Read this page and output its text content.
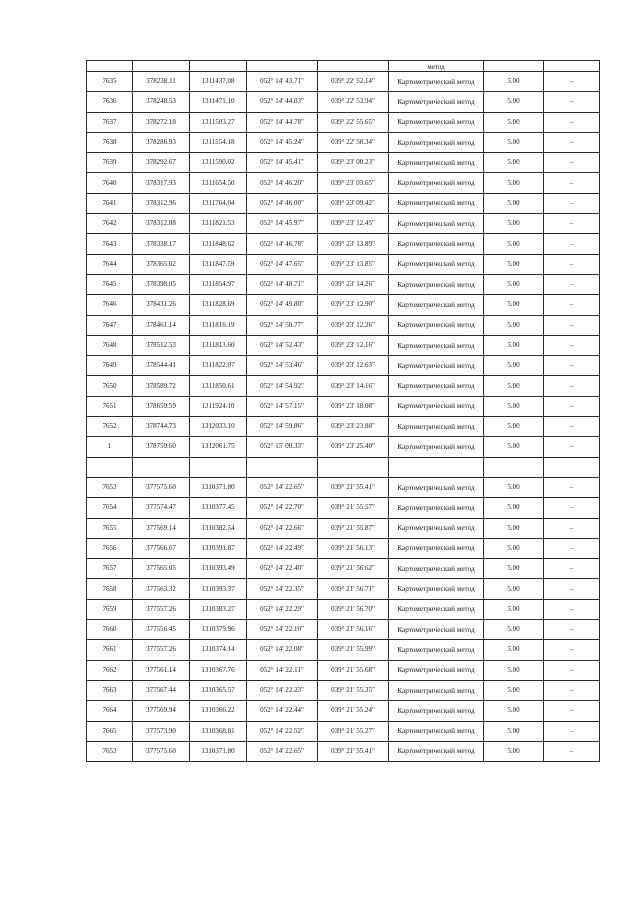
					метод		
7635	378238.11	1311437.08	052° 14' 43.71"	039° 22' 52.14"	Картометрический метод	5.00	–
7636	378248.53	1311471.10	052° 14' 44.03"	039° 22' 53.94"	Картометрический метод	5.00	–
7637	378272.18	1311503.27	052° 14' 44.78"	039° 22' 55.65"	Картометрический метод	5.00	–
7638	378286.93	1311554.18	052° 14' 45.24"	039° 22' 58.34"	Картометрический метод	5.00	–
7639	378292.67	1311590.02	052° 14' 45.41"	039° 23' 00.23"	Картометрический метод	5.00	–
7640	378317.93	1311654.50	052° 14' 46.20"	039° 23' 03.65"	Картометрический метод	5.00	–
7641	378312.96	1311764.04	052° 14' 46.00"	039° 23' 09.42"	Картометрический метод	5.00	–
7642	378312.88	1311821.53	052° 14' 45.97"	039° 23' 12.45"	Картометрический метод	5.00	–
7643	378338.17	1311848.62	052° 14' 46.78"	039° 23' 13.89"	Картометрический метод	5.00	–
7644	378365.02	1311847.59	052° 14' 47.65"	039° 23' 13.85"	Картометрический метод	5.00	–
7645	378398.05	1311854.97	052° 14' 48.71"	039° 23' 14.26"	Картометрический метод	5.00	–
7646	378431.26	1311828.69	052° 14' 49.80"	039° 23' 12.90"	Картометрический метод	5.00	–
7647	378461.14	1311816.19	052° 14' 50.77"	039° 23' 12.26"	Картометрический метод	5.00	–
7648	378512.53	1311813.60	052° 14' 52.43"	039° 23' 12.16"	Картометрический метод	5.00	–
7649	378544.41	1311822.07	052° 14' 53.46"	039° 23' 12.63"	Картометрический метод	5.00	–
7650	378589.72	1311850.61	052° 14' 54.92"	039° 23' 14.16"	Картометрический метод	5.00	–
7651	378659.59	1311924.10	052° 14' 57.15"	039° 23' 18.08"	Картометрический метод	5.00	–
7652	378744.73	1312033.10	052° 14' 59.86"	039° 23' 23.88"	Картометрический метод	5.00	–
1	378759.60	1312061.75	052° 15' 00.33"	039° 23' 25.40"	Картометрический метод	5.00	–

7653	377575.60	1310371.80	052° 14' 22.65"	039° 21' 55.41"	Картометрический метод	5.00	–
7654	377574.47	1310377.45	052° 14' 22.70"	039° 21' 55.57"	Картометрический метод	5.00	–
7655	377569.14	1310382.54	052° 14' 22.66"	039° 21' 55.87"	Картометрический метод	5.00	–
7656	377566.67	1310391.87	052° 14' 22.49"	039° 21' 56.13"	Картометрический метод	5.00	–
7657	377565.05	1310393.49	052° 14' 22.40"	039° 21' 56.62"	Картометрический метод	5.00	–
7658	377563.32	1310393.37	052° 14' 22.35"	039° 21' 56.71"	Картометрический метод	5.00	–
7659	377557.26	1310383.27	052° 14' 22.29"	039° 21' 56.70"	Картометрический метод	5.00	–
7660	377556.45	1310379.96	052° 14' 22.10"	039° 21' 56.16"	Картометрический метод	5.00	–
7661	377557.26	1310374.14	052° 14' 22.08"	039° 21' 55.99"	Картометрический метод	5.00	–
7662	377561.14	1310367.76	052° 14' 22.11"	039° 21' 55.68"	Картометрический метод	5.00	–
7663	377567.44	1310365.57	052° 14' 22.23"	039° 21' 55.35"	Картометрический метод	5.00	–
7664	377569.94	1310366.22	052° 14' 22.44"	039° 21' 55.24"	Картометрический метод	5.00	–
7665	377573.90	1310368.81	052° 14' 22.52"	039° 21' 55.27"	Картометрический метод	5.00	–
7653	377575.60	1310371.80	052° 14' 22.65"	039° 21' 55.41"	Картометрический метод	5.00	–
